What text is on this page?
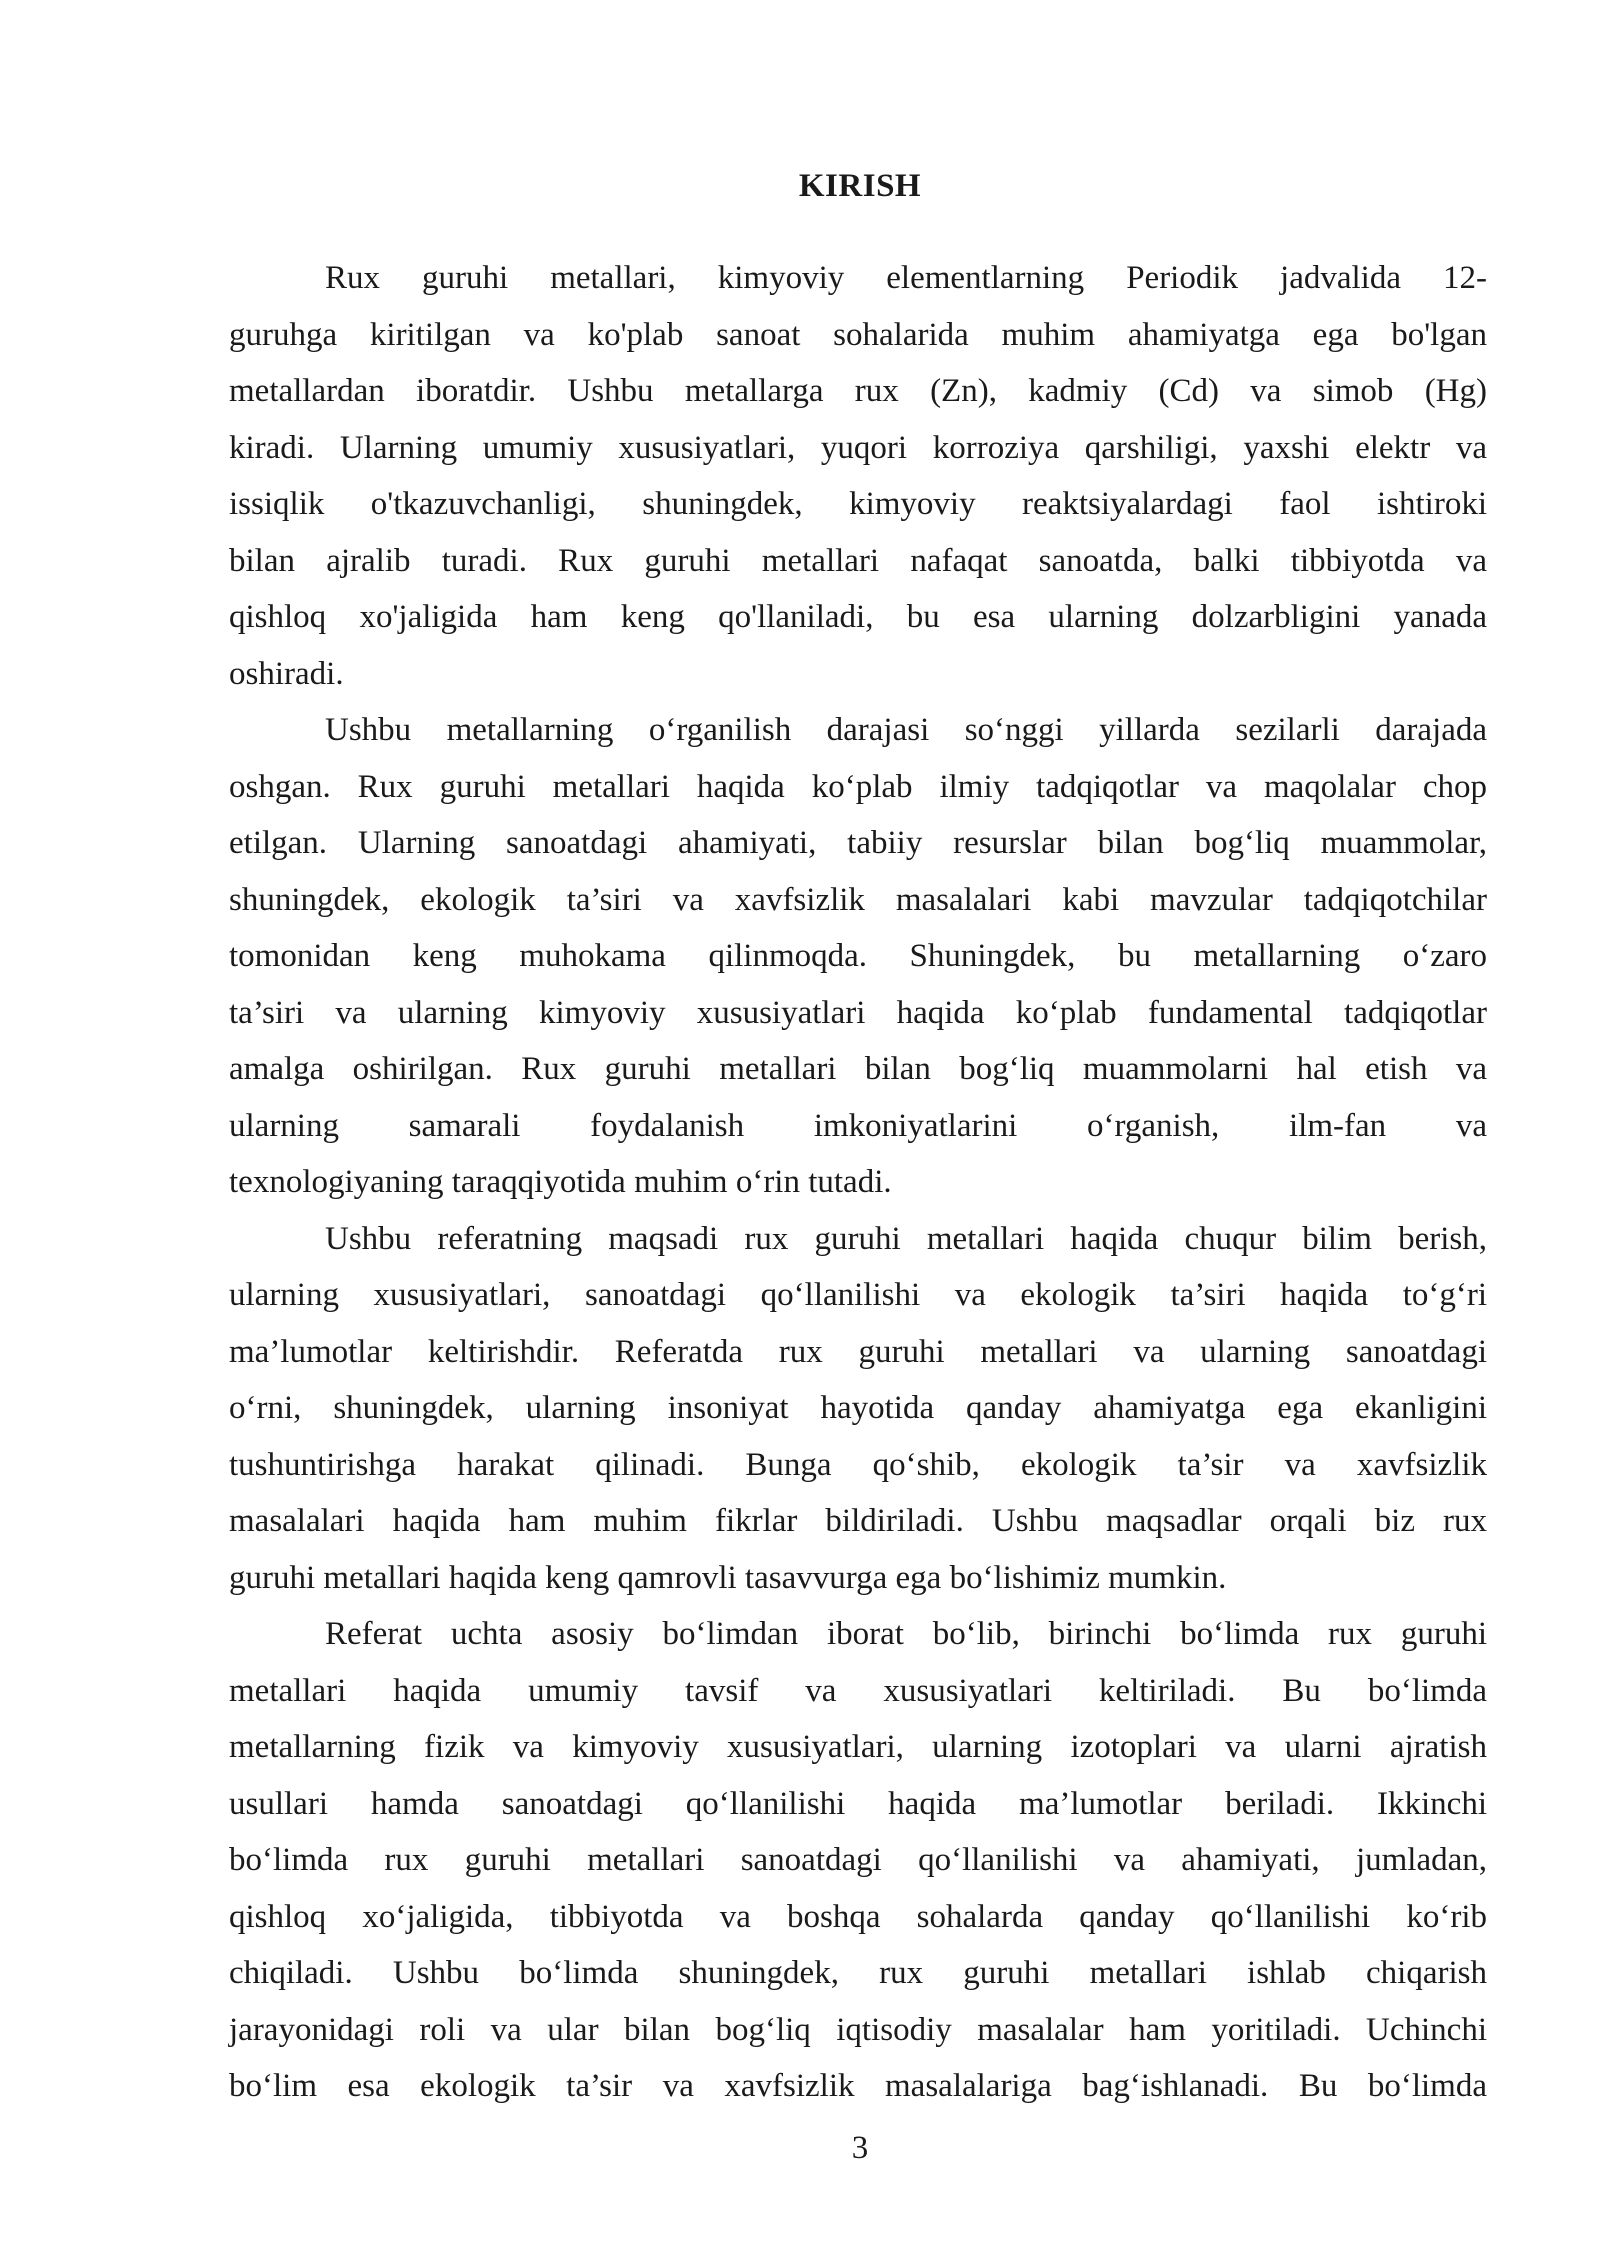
KIRISH
Rux guruhi metallari, kimyoviy elementlarning Periodik jadvalida 12-
guruhga kiritilgan va ko'plab sanoat sohalarida muhim ahamiyatga ega bo'lgan
metallardan iboratdir. Ushbu metallarga rux (Zn), kadmiy (Cd) va simob (Hg)
kiradi. Ularning umumiy xususiyatlari, yuqori korroziya qarshiligi, yaxshi elektr va
issiqlik o'tkazuvchanligi, shuningdek, kimyoviy reaktsiyalardagi faol ishtiroki
bilan ajralib turadi. Rux guruhi metallari nafaqat sanoatda, balki tibbiyotda va
qishloq xo'jaligida ham keng qo'llaniladi, bu esa ularning dolzarbligini yanada
oshiradi.
Ushbu metallarning o‘rganilish darajasi so‘nggi yillarda sezilarli darajada
oshgan. Rux guruhi metallari haqida ko‘plab ilmiy tadqiqotlar va maqolalar chop
etilgan. Ularning sanoatdagi ahamiyati, tabiiy resurslar bilan bog‘liq muammolar,
shuningdek, ekologik ta’siri va xavfsizlik masalalari kabi mavzular tadqiqotchilar
tomonidan keng muhokama qilinmoqda. Shuningdek, bu metallarning o‘zaro
ta’siri va ularning kimyoviy xususiyatlari haqida ko‘plab fundamental tadqiqotlar
amalga oshirilgan. Rux guruhi metallari bilan bog‘liq muammolarni hal etish va
ularning samarali foydalanish imkoniyatlarini o‘rganish, ilm-fan va
texnologiyaning taraqqiyotida muhim o‘rin tutadi.
Ushbu referatning maqsadi rux guruhi metallari haqida chuqur bilim berish,
ularning xususiyatlari, sanoatdagi qo‘llanilishi va ekologik ta’siri haqida to‘g‘ri
ma’lumotlar keltirishdir. Referatda rux guruhi metallari va ularning sanoatdagi
o‘rni, shuningdek, ularning insoniyat hayotida qanday ahamiyatga ega ekanligini
tushuntirishga harakat qilinadi. Bunga qo‘shib, ekologik ta’sir va xavfsizlik
masalalari haqida ham muhim fikrlar bildiriladi. Ushbu maqsadlar orqali biz rux
guruhi metallari haqida keng qamrovli tasavvurga ega bo‘lishimiz mumkin.
Referat uchta asosiy bo‘limdan iborat bo‘lib, birinchi bo‘limda rux guruhi
metallari haqida umumiy tavsif va xususiyatlari keltiriladi. Bu bo‘limda
metallarning fizik va kimyoviy xususiyatlari, ularning izotoplari va ularni ajratish
usullari hamda sanoatdagi qo‘llanilishi haqida ma’lumotlar beriladi. Ikkinchi
bo‘limda rux guruhi metallari sanoatdagi qo‘llanilishi va ahamiyati, jumladan,
qishloq xo‘jaligida, tibbiyotda va boshqa sohalarda qanday qo‘llanilishi ko‘rib
chiqiladi. Ushbu bo‘limda shuningdek, rux guruhi metallari ishlab chiqarish
jarayonidagi roli va ular bilan bog‘liq iqtisodiy masalalar ham yoritiladi. Uchinchi
bo‘lim esa ekologik ta’sir va xavfsizlik masalalariga bag‘ishlanadi. Bu bo‘limda
3
